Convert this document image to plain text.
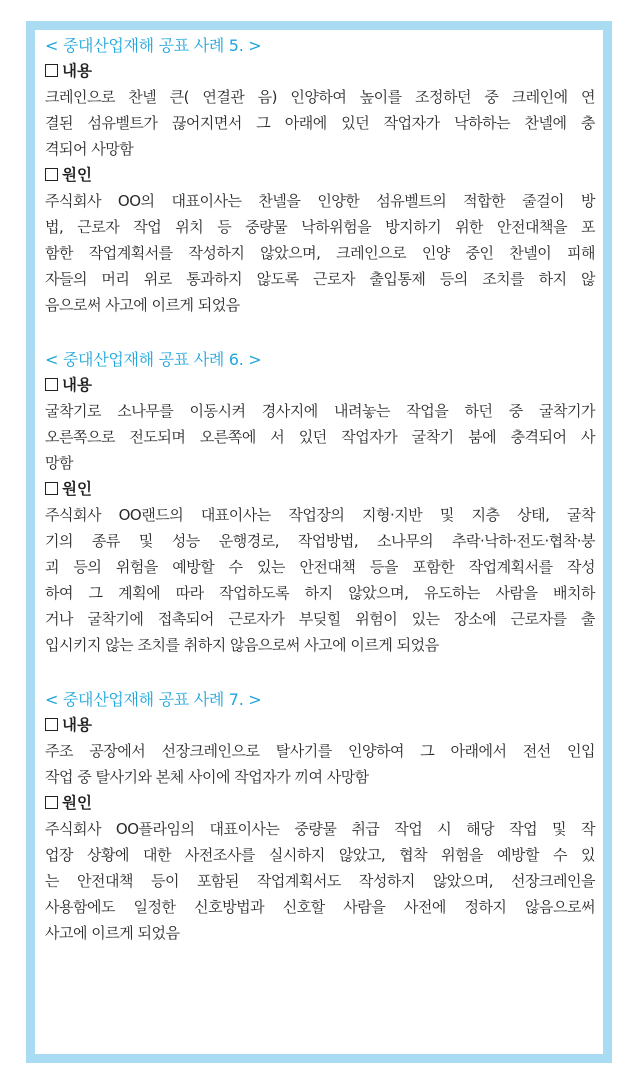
< 중대산업재해 공표 사례 5. >
내용
크레인으로 찬넬 큰( 연결관 음) 인양하여 높이를 조정하던 중 크레인에 연
결된 섬유벨트가 끊어지면서 그 아래에 있던 작업자가 낙하하는 찬넬에 충
격되어 사망함
원인
주식회사 OO의 대표이사는 찬넬을 인양한 섬유벨트의 적합한 줄걸이 방
법, 근로자 작업 위치 등 중량물 낙하위험을 방지하기 위한 안전대책을 포
함한 작업계획서를 작성하지 않았으며, 크레인으로 인양 중인 찬넬이 피해
자들의 머리 위로 통과하지 않도록 근로자 출입통제 등의 조치를 하지 않
음으로써 사고에 이르게 되었음
< 중대산업재해 공표 사례 6. >
내용
굴착기로 소나무를 이동시켜 경사지에 내려놓는 작업을 하던 중 굴착기가
오른쪽으로 전도되며 오른쪽에 서 있던 작업자가 굴착기 붐에 충격되어 사
망함
원인
주식회사 OO랜드의 대표이사는 작업장의 지형·지반 및 지층 상태, 굴착
기의 종류 및 성능 운행경로, 작업방법, 소나무의 추락·낙하·전도·협착·붕
괴 등의 위험을 예방할 수 있는 안전대책 등을 포함한 작업계획서를 작성
하여 그 계획에 따라 작업하도록 하지 않았으며, 유도하는 사람을 배치하
거나 굴착기에 접촉되어 근로자가 부딪힐 위험이 있는 장소에 근로자를 출
입시키지 않는 조치를 취하지 않음으로써 사고에 이르게 되었음
< 중대산업재해 공표 사례 7. >
내용
주조 공장에서 선장크레인으로 탈사기를 인양하여 그 아래에서 전선 인입
작업 중 탈사기와 본체 사이에 작업자가 끼여 사망함
원인
주식회사 OO플라임의 대표이사는 중량물 취급 작업 시 해당 작업 및 작
업장 상황에 대한 사전조사를 실시하지 않았고, 협착 위험을 예방할 수 있
는 안전대책 등이 포함된 작업계획서도 작성하지 않았으며, 선장크레인을
사용함에도 일정한 신호방법과 신호할 사람을 사전에 정하지 않음으로써
사고에 이르게 되었음
